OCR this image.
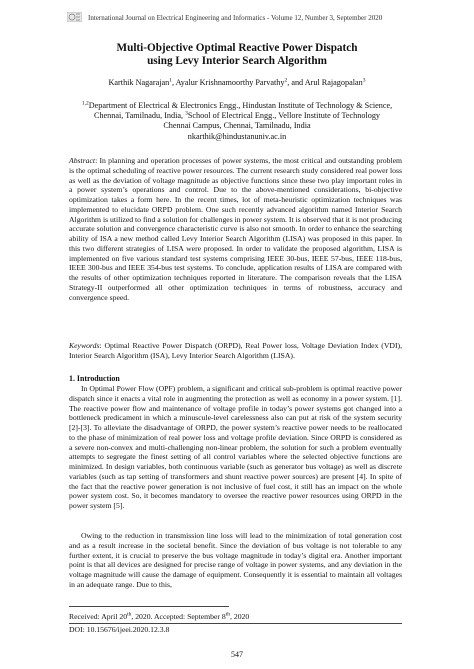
International Journal on Electrical Engineering and Informatics - Volume 12, Number 3, September 2020
Multi-Objective Optimal Reactive Power Dispatch
using Levy Interior Search Algorithm
Karthik Nagarajan$^1$, Ayalur Krishnamoorthy Parvathy$^2$, and Arul Rajagopalan$^3$
$^{1,2}$Department of Electrical & Electronics Engg., Hindustan Institute of Technology & Science,
Chennai, Tamilnadu, India, $^3$School of Electrical Engg., Vellore Institute of Technology
Chennai Campus, Chennai, Tamilnadu, India
nkarthik@hindustanuniv.ac.in

Abstract: In planning and operation processes of power systems, the most critical and outstanding problem is the optimal scheduling of reactive power resources. The current research study considered real power loss as well as the deviation of voltage magnitude as objective functions since these two play important roles in a power system’s operations and control. Due to the above-mentioned considerations, bi-objective optimization takes a form here. In the recent times, lot of meta-heuristic optimization techniques was implemented to elucidate ORPD problem. One such recently advanced algorithm named Interior Search Algorithm is utilized to find a solution for challenges in power system. It is observed that it is not producing accurate solution and convergence characteristic curve is also not smooth. In order to enhance the searching ability of ISA a new method called Levy Interior Search Algorithm (LISA) was proposed in this paper. In this two different strategies of LISA were proposed. In order to validate the proposed algorithm, LISA is implemented on five various standard test systems comprising IEEE 30-bus, IEEE 57-bus, IEEE 118-bus, IEEE 300-bus and IEEE 354-bus test systems. To conclude, application results of LISA are compared with the results of other optimization techniques reported in literature. The comparison reveals that the LISA Strategy-II outperformed all other optimization techniques in terms of robustness, accuracy and convergence speed.

Keywords: Optimal Reactive Power Dispatch (ORPD), Real Power loss, Voltage Deviation Index (VDI), Interior Search Algorithm (ISA), Levy Interior Search Algorithm (LISA).

1. Introduction

In Optimal Power Flow (OPF) problem, a significant and critical sub-problem is optimal reactive power dispatch since it enacts a vital role in augmenting the protection as well as economy in a power system. [1]. The reactive power flow and maintenance of voltage profile in today’s power systems got changed into a bottleneck predicament in which a minuscule-level carelessness also can put at risk of the system security [2]-[3]. To alleviate the disadvantage of ORPD, the power system’s reactive power needs to be reallocated to the phase of minimization of real power loss and voltage profile deviation. Since ORPD is considered as a severe non-convex and multi-challenging non-linear problem, the solution for such a problem eventually attempts to segregate the finest setting of all control variables where the selected objective functions are minimized. In design variables, both continuous variable (such as generator bus voltage) as well as discrete variables (such as tap setting of transformers and shunt reactive power sources) are present [4]. In spite of the fact that the reactive power generation is not inclusive of fuel cost, it still has an impact on the whole power system cost. So, it becomes mandatory to oversee the reactive power resources using ORPD in the power system [5].

Owing to the reduction in transmission line loss will lead to the minimization of total generation cost and as a result increase in the societal benefit. Since the deviation of bus voltage is not tolerable to any further extent, it is crucial to preserve the bus voltage magnitude in today’s digital era. Another important point is that all devices are designed for precise range of voltage in power systems, and any deviation in the voltage magnitude will cause the damage of equipment. Consequently it is essential to maintain all voltages in an adequate range. Due to this,

Received: April 20th, 2020. Accepted: September 8th, 2020
DOI: 10.15676/ijeei.2020.12.3.8
547
